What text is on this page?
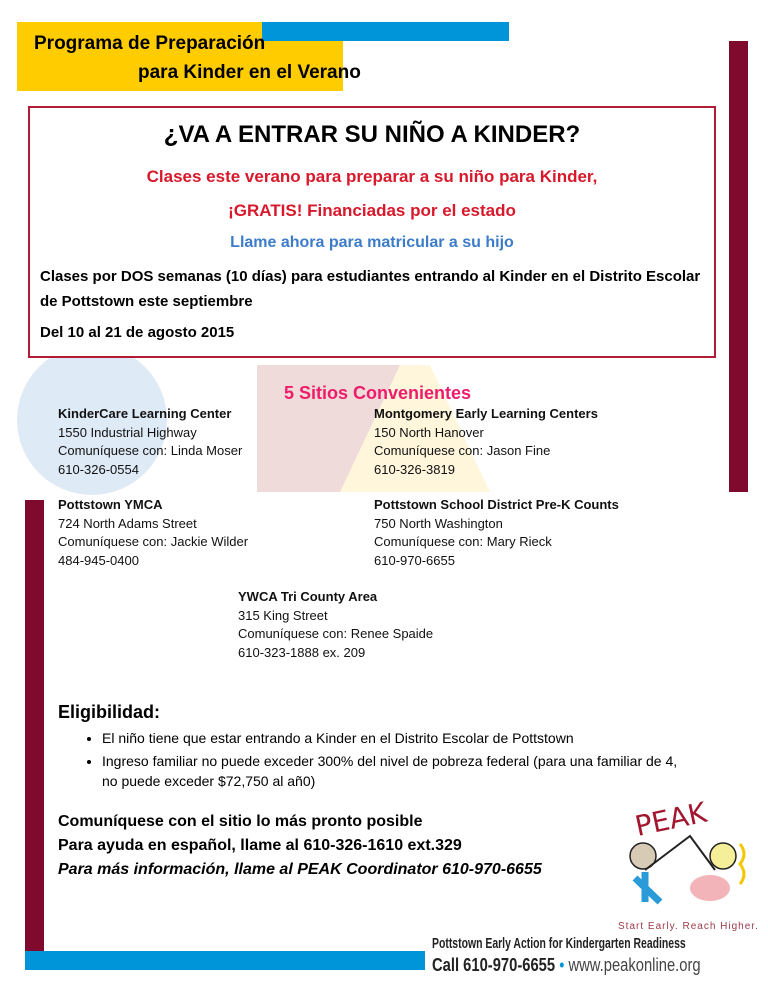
Programa de Preparación
para Kinder en el Verano
¿VA A ENTRAR SU NIÑO A KINDER?
Clases este verano para preparar a su niño para Kinder,
¡GRATIS! Financiadas por el estado
Llame ahora para matricular a su hijo
Clases por DOS semanas (10 días) para estudiantes entrando al Kinder en el Distrito Escolar de Pottstown este septiembre
Del 10 al 21 de agosto 2015
5 Sitios Convenientes
KinderCare Learning Center
1550 Industrial Highway
Comuníquese con: Linda Moser
610-326-0554
Montgomery Early Learning Centers
150 North Hanover
Comuníquese con: Jason Fine
610-326-3819
Pottstown YMCA
724 North Adams Street
Comuníquese con: Jackie Wilder
484-945-0400
Pottstown School District Pre-K Counts
750 North Washington
Comuníquese con: Mary Rieck
610-970-6655
YWCA Tri County Area
315 King Street
Comuníquese con: Renee Spaide
610-323-1888 ex. 209
Eligibilidad:
• El niño tiene que estar entrando a Kinder en el Distrito Escolar de Pottstown
• Ingreso familiar no puede exceder 300% del nivel de pobreza federal (para una familiar de 4, no puede exceder $72,750 al añ0)
Comuníquese con el sitio lo más pronto posible
Para ayuda en español, llame al 610-326-1610 ext.329
Para más información, llame al PEAK Coordinator 610-970-6655
PEAK
Start Early. Reach Higher.
Pottstown Early Action for Kindergarten Readiness
Call 610-970-6655 • www.peakonline.org
